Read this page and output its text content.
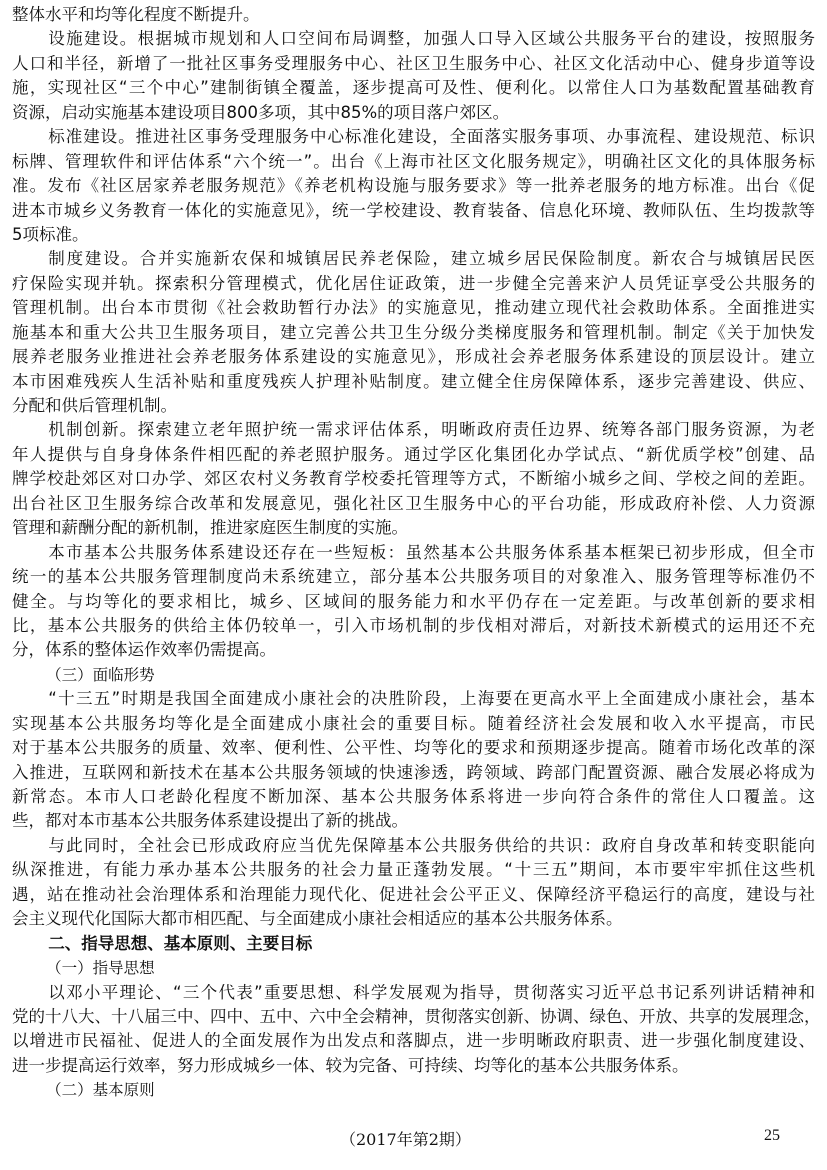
整体水平和均等化程度不断提升。
设施建设。根据城市规划和人口空间布局调整，加强人口导入区域公共服务平台的建设，按照服务
人口和半径，新增了一批社区事务受理服务中心、社区卫生服务中心、社区文化活动中心、健身步道等设
施，实现社区“三个中心”建制街镇全覆盖，逐步提高可及性、便利化。以常住人口为基数配置基础教育
资源，启动实施基本建设项目800多项，其中85%的项目落户郊区。
标准建设。推进社区事务受理服务中心标准化建设，全面落实服务事项、办事流程、建设规范、标识
标牌、管理软件和评估体系“六个统一”。出台《上海市社区文化服务规定》，明确社区文化的具体服务标
准。发布《社区居家养老服务规范》《养老机构设施与服务要求》等一批养老服务的地方标准。出台《促
进本市城乡义务教育一体化的实施意见》，统一学校建设、教育装备、信息化环境、教师队伍、生均拨款等
5项标准。
制度建设。合并实施新农保和城镇居民养老保险，建立城乡居民保险制度。新农合与城镇居民医
疗保险实现并轨。探索积分管理模式，优化居住证政策，进一步健全完善来沪人员凭证享受公共服务的
管理机制。出台本市贯彻《社会救助暂行办法》的实施意见，推动建立现代社会救助体系。全面推进实
施基本和重大公共卫生服务项目，建立完善公共卫生分级分类梯度服务和管理机制。制定《关于加快发
展养老服务业推进社会养老服务体系建设的实施意见》，形成社会养老服务体系建设的顶层设计。建立
本市困难残疾人生活补贴和重度残疾人护理补贴制度。建立健全住房保障体系，逐步完善建设、供应、
分配和供后管理机制。
机制创新。探索建立老年照护统一需求评估体系，明晰政府责任边界、统筹各部门服务资源，为老
年人提供与自身身体条件相匹配的养老照护服务。通过学区化集团化办学试点、“新优质学校”创建、品
牌学校赴郊区对口办学、郊区农村义务教育学校委托管理等方式，不断缩小城乡之间、学校之间的差距。
出台社区卫生服务综合改革和发展意见，强化社区卫生服务中心的平台功能，形成政府补偿、人力资源
管理和薪酬分配的新机制，推进家庭医生制度的实施。
本市基本公共服务体系建设还存在一些短板：虽然基本公共服务体系基本框架已初步形成，但全市
统一的基本公共服务管理制度尚未系统建立，部分基本公共服务项目的对象准入、服务管理等标准仍不
健全。与均等化的要求相比，城乡、区域间的服务能力和水平仍存在一定差距。与改革创新的要求相
比，基本公共服务的供给主体仍较单一，引入市场机制的步伐相对滞后，对新技术新模式的运用还不充
分，体系的整体运作效率仍需提高。
（三）面临形势
“十三五”时期是我国全面建成小康社会的决胜阶段，上海要在更高水平上全面建成小康社会，基本
实现基本公共服务均等化是全面建成小康社会的重要目标。随着经济社会发展和收入水平提高，市民
对于基本公共服务的质量、效率、便利性、公平性、均等化的要求和预期逐步提高。随着市场化改革的深
入推进，互联网和新技术在基本公共服务领域的快速渗透，跨领域、跨部门配置资源、融合发展必将成为
新常态。本市人口老龄化程度不断加深、基本公共服务体系将进一步向符合条件的常住人口覆盖。这
些，都对本市基本公共服务体系建设提出了新的挑战。
与此同时，全社会已形成政府应当优先保障基本公共服务供给的共识：政府自身改革和转变职能向
纵深推进，有能力承办基本公共服务的社会力量正蓬勃发展。“十三五”期间，本市要牢牢抓住这些机
遇，站在推动社会治理体系和治理能力现代化、促进社会公平正义、保障经济平稳运行的高度，建设与社
会主义现代化国际大都市相匹配、与全面建成小康社会相适应的基本公共服务体系。
二、指导思想、基本原则、主要目标
（一）指导思想
以邓小平理论、“三个代表”重要思想、科学发展观为指导，贯彻落实习近平总书记系列讲话精神和
党的十八大、十八届三中、四中、五中、六中全会精神，贯彻落实创新、协调、绿色、开放、共享的发展理念，
以增进市民福祉、促进人的全面发展作为出发点和落脚点，进一步明晰政府职责、进一步强化制度建设、
进一步提高运行效率，努力形成城乡一体、较为完备、可持续、均等化的基本公共服务体系。
（二）基本原则
（2017年第2期）	25
